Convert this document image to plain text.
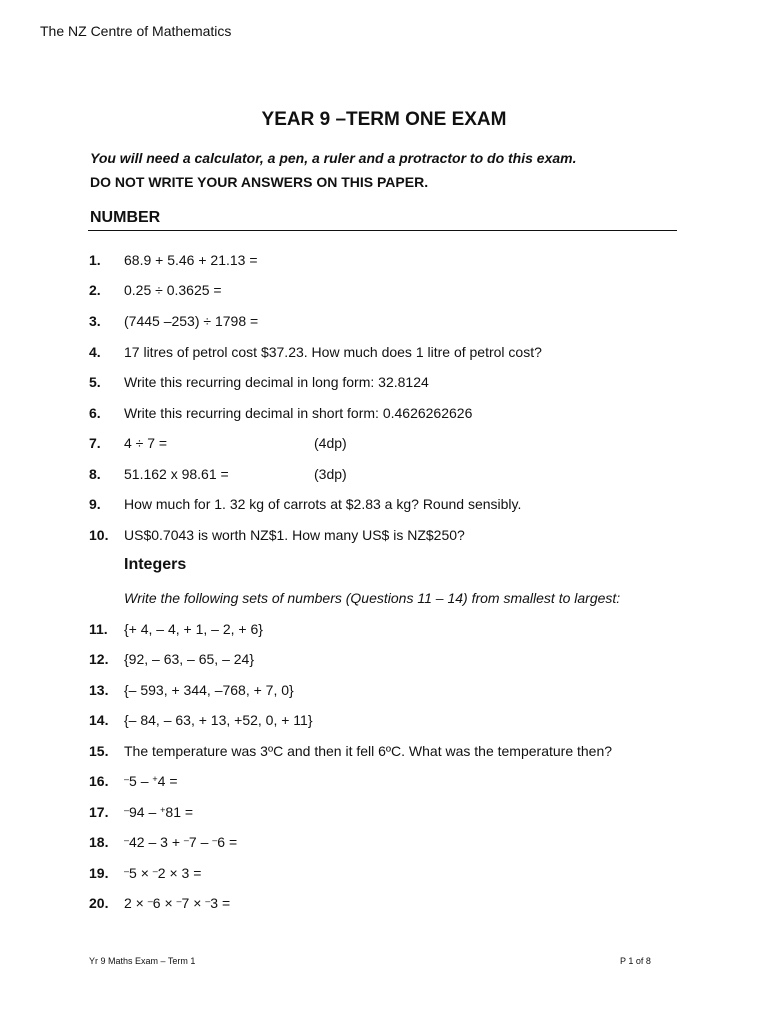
The NZ Centre of Mathematics
YEAR 9 –TERM ONE EXAM
You will need a calculator, a pen, a ruler and a protractor to do this exam.
DO NOT WRITE YOUR ANSWERS ON THIS PAPER.
NUMBER
1. 68.9 + 5.46 + 21.13 =
2. 0.25 ÷ 0.3625 =
3. (7445 –253) ÷ 1798 =
4. 17 litres of petrol cost $37.23. How much does 1 litre of petrol cost?
5. Write this recurring decimal in long form: 32.8124
6. Write this recurring decimal in short form: 0.4626262626
7. 4 ÷ 7 =	(4dp)
8. 51.162 x 98.61 =	(3dp)
9. How much for 1. 32 kg of carrots at $2.83 a kg? Round sensibly.
10. US$0.7043 is worth NZ$1. How many US$ is NZ$250?
Integers
Write the following sets of numbers (Questions 11 – 14) from smallest to largest:
11. {+ 4, – 4, + 1, – 2, + 6}
12. {92, – 63, – 65, – 24}
13. {– 593, + 344, –768, + 7, 0}
14. {– 84, – 63, + 13, +52, 0, + 11}
15. The temperature was 3ºC and then it fell 6ºC. What was the temperature then?
16. –5 – +4 =
17. –94 – +81 =
18. –42 – 3 + –7 – –6 =
19. –5 × –2 × 3 =
20. 2 × –6 × –7 × –3 =
Yr 9 Maths Exam – Term 1	P 1 of 8
